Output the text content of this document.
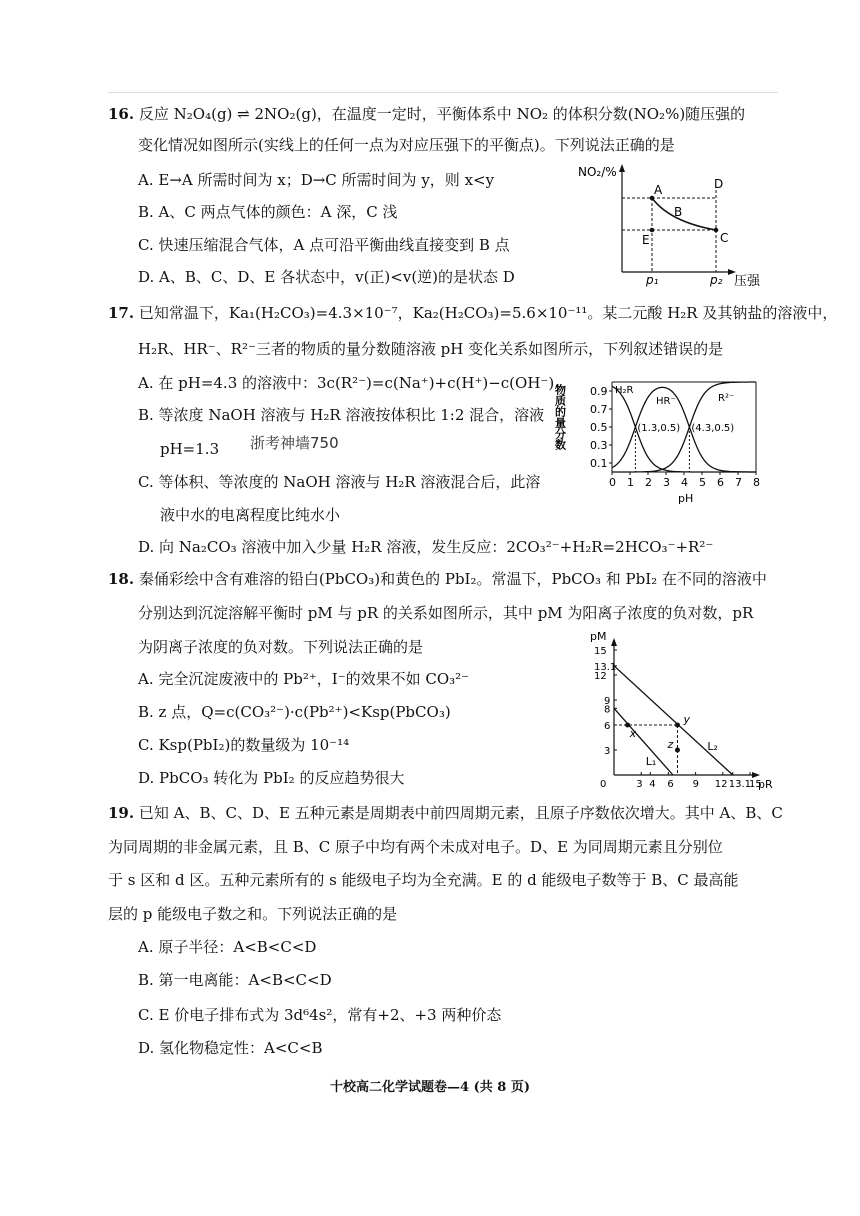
16. 反应 N₂O₄(g) ⇌ 2NO₂(g)，在温度一定时，平衡体系中 NO₂ 的体积分数(NO₂%)随压强的
变化情况如图所示(实线上的任何一点为对应压强下的平衡点)。下列说法正确的是
A. E→A 所需时间为 x；D→C 所需时间为 y，则 x<y
B. A、C 两点气体的颜色：A 深，C 浅
C. 快速压缩混合气体，A 点可沿平衡曲线直接变到 B 点
D. A、B、C、D、E 各状态中，v(正)<v(逆)的是状态 D
NO₂/%
压强
A
B
C
D
E
p₁	p₂
17. 已知常温下，Ka₁(H₂CO₃)=4.3×10⁻⁷，Ka₂(H₂CO₃)=5.6×10⁻¹¹。某二元酸 H₂R 及其钠盐的溶液中，
H₂R、HR⁻、R²⁻三者的物质的量分数随溶液 pH 变化关系如图所示，下列叙述错误的是
A. 在 pH=4.3 的溶液中：3c(R²⁻)=c(Na⁺)+c(H⁺)−c(OH⁻)
B. 等浓度 NaOH 溶液与 H₂R 溶液按体积比 1:2 混合，溶液
pH=1.3 浙考神墙750
C. 等体积、等浓度的 NaOH 溶液与 H₂R 溶液混合后，此溶
液中水的电离程度比纯水小
D. 向 Na₂CO₃ 溶液中加入少量 H₂R 溶液，发生反应：2CO₃²⁻+H₂R=2HCO₃⁻+R²⁻
物质的量分数
pH
0 1 2 3 4 5 6 7 8
0.1
0.3
0.5
0.7
0.9 H₂R
HR⁻	R²⁻
(1.3,0.5) (4.3,0.5)
18. 秦俑彩绘中含有难溶的铅白(PbCO₃)和黄色的 PbI₂。常温下，PbCO₃ 和 PbI₂ 在不同的溶液中
分别达到沉淀溶解平衡时 pM 与 pR 的关系如图所示，其中 pM 为阳离子浓度的负对数，pR
为阴离子浓度的负对数。下列说法正确的是
A. 完全沉淀废液中的 Pb²⁺，I⁻的效果不如 CO₃²⁻
B. z 点，Q=c(CO₃²⁻)·c(Pb²⁺)<Ksp(PbCO₃)
C. Ksp(PbI₂)的数量级为 10⁻¹⁴
D. PbCO₃ 转化为 PbI₂ 的反应趋势很大
pM
pR
0	3 4 6 9 12 13.1
15
3
6
8
9
12
13.1
15
L₁
L₂
x
y
z
19. 已知 A、B、C、D、E 五种元素是周期表中前四周期元素，且原子序数依次增大。其中 A、B、C
为同周期的非金属元素，且 B、C 原子中均有两个未成对电子。D、E 为同周期元素且分别位
于 s 区和 d 区。五种元素所有的 s 能级电子均为全充满。E 的 d 能级电子数等于 B、C 最高能
层的 p 能级电子数之和。下列说法正确的是
A. 原子半径：A<B<C<D
B. 第一电离能：A<B<C<D
C. E 价电子排布式为 3d⁶4s²，常有+2、+3 两种价态
D. 氢化物稳定性：A<C<B
十校高二化学试题卷—4 (共 8 页)
